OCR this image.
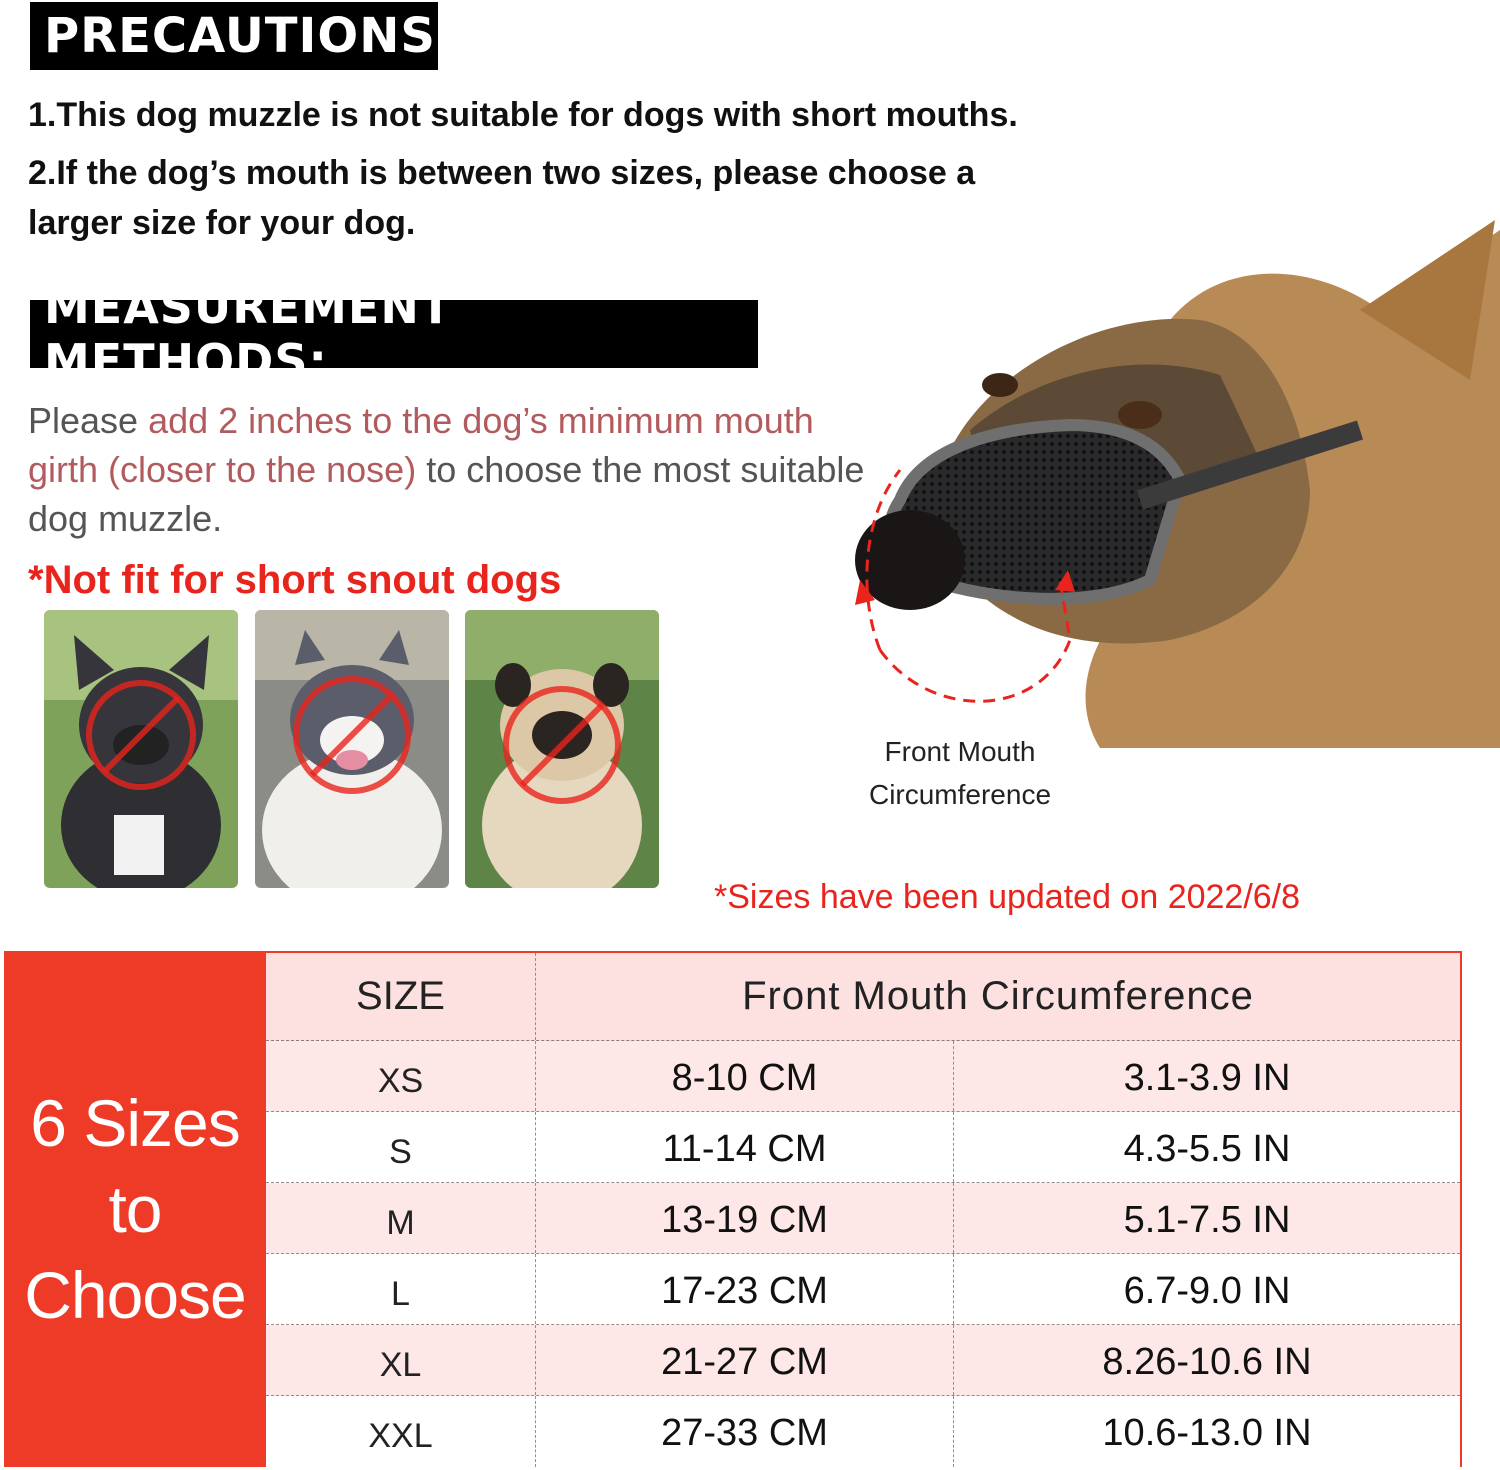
PRECAUTIONS:
1.This dog muzzle is not suitable for dogs with short mouths.
2.If the dog’s mouth is between two sizes, please choose a
larger size for your dog.
MEASUREMENT METHODS:
Please add 2 inches to the dog’s minimum mouth girth (closer to the nose) to choose the most suitable dog muzzle.
*Not fit for short snout dogs
Front Mouth
Circumference
*Sizes have been updated on 2022/6/8
6 Sizes
to
Choose
SIZE	Front Mouth Circumference
XS	8-10 CM	3.1-3.9 IN
S	11-14 CM	4.3-5.5 IN
M	13-19 CM	5.1-7.5 IN
L	17-23 CM	6.7-9.0 IN
XL	21-27 CM	8.26-10.6 IN
XXL	27-33 CM	10.6-13.0 IN
